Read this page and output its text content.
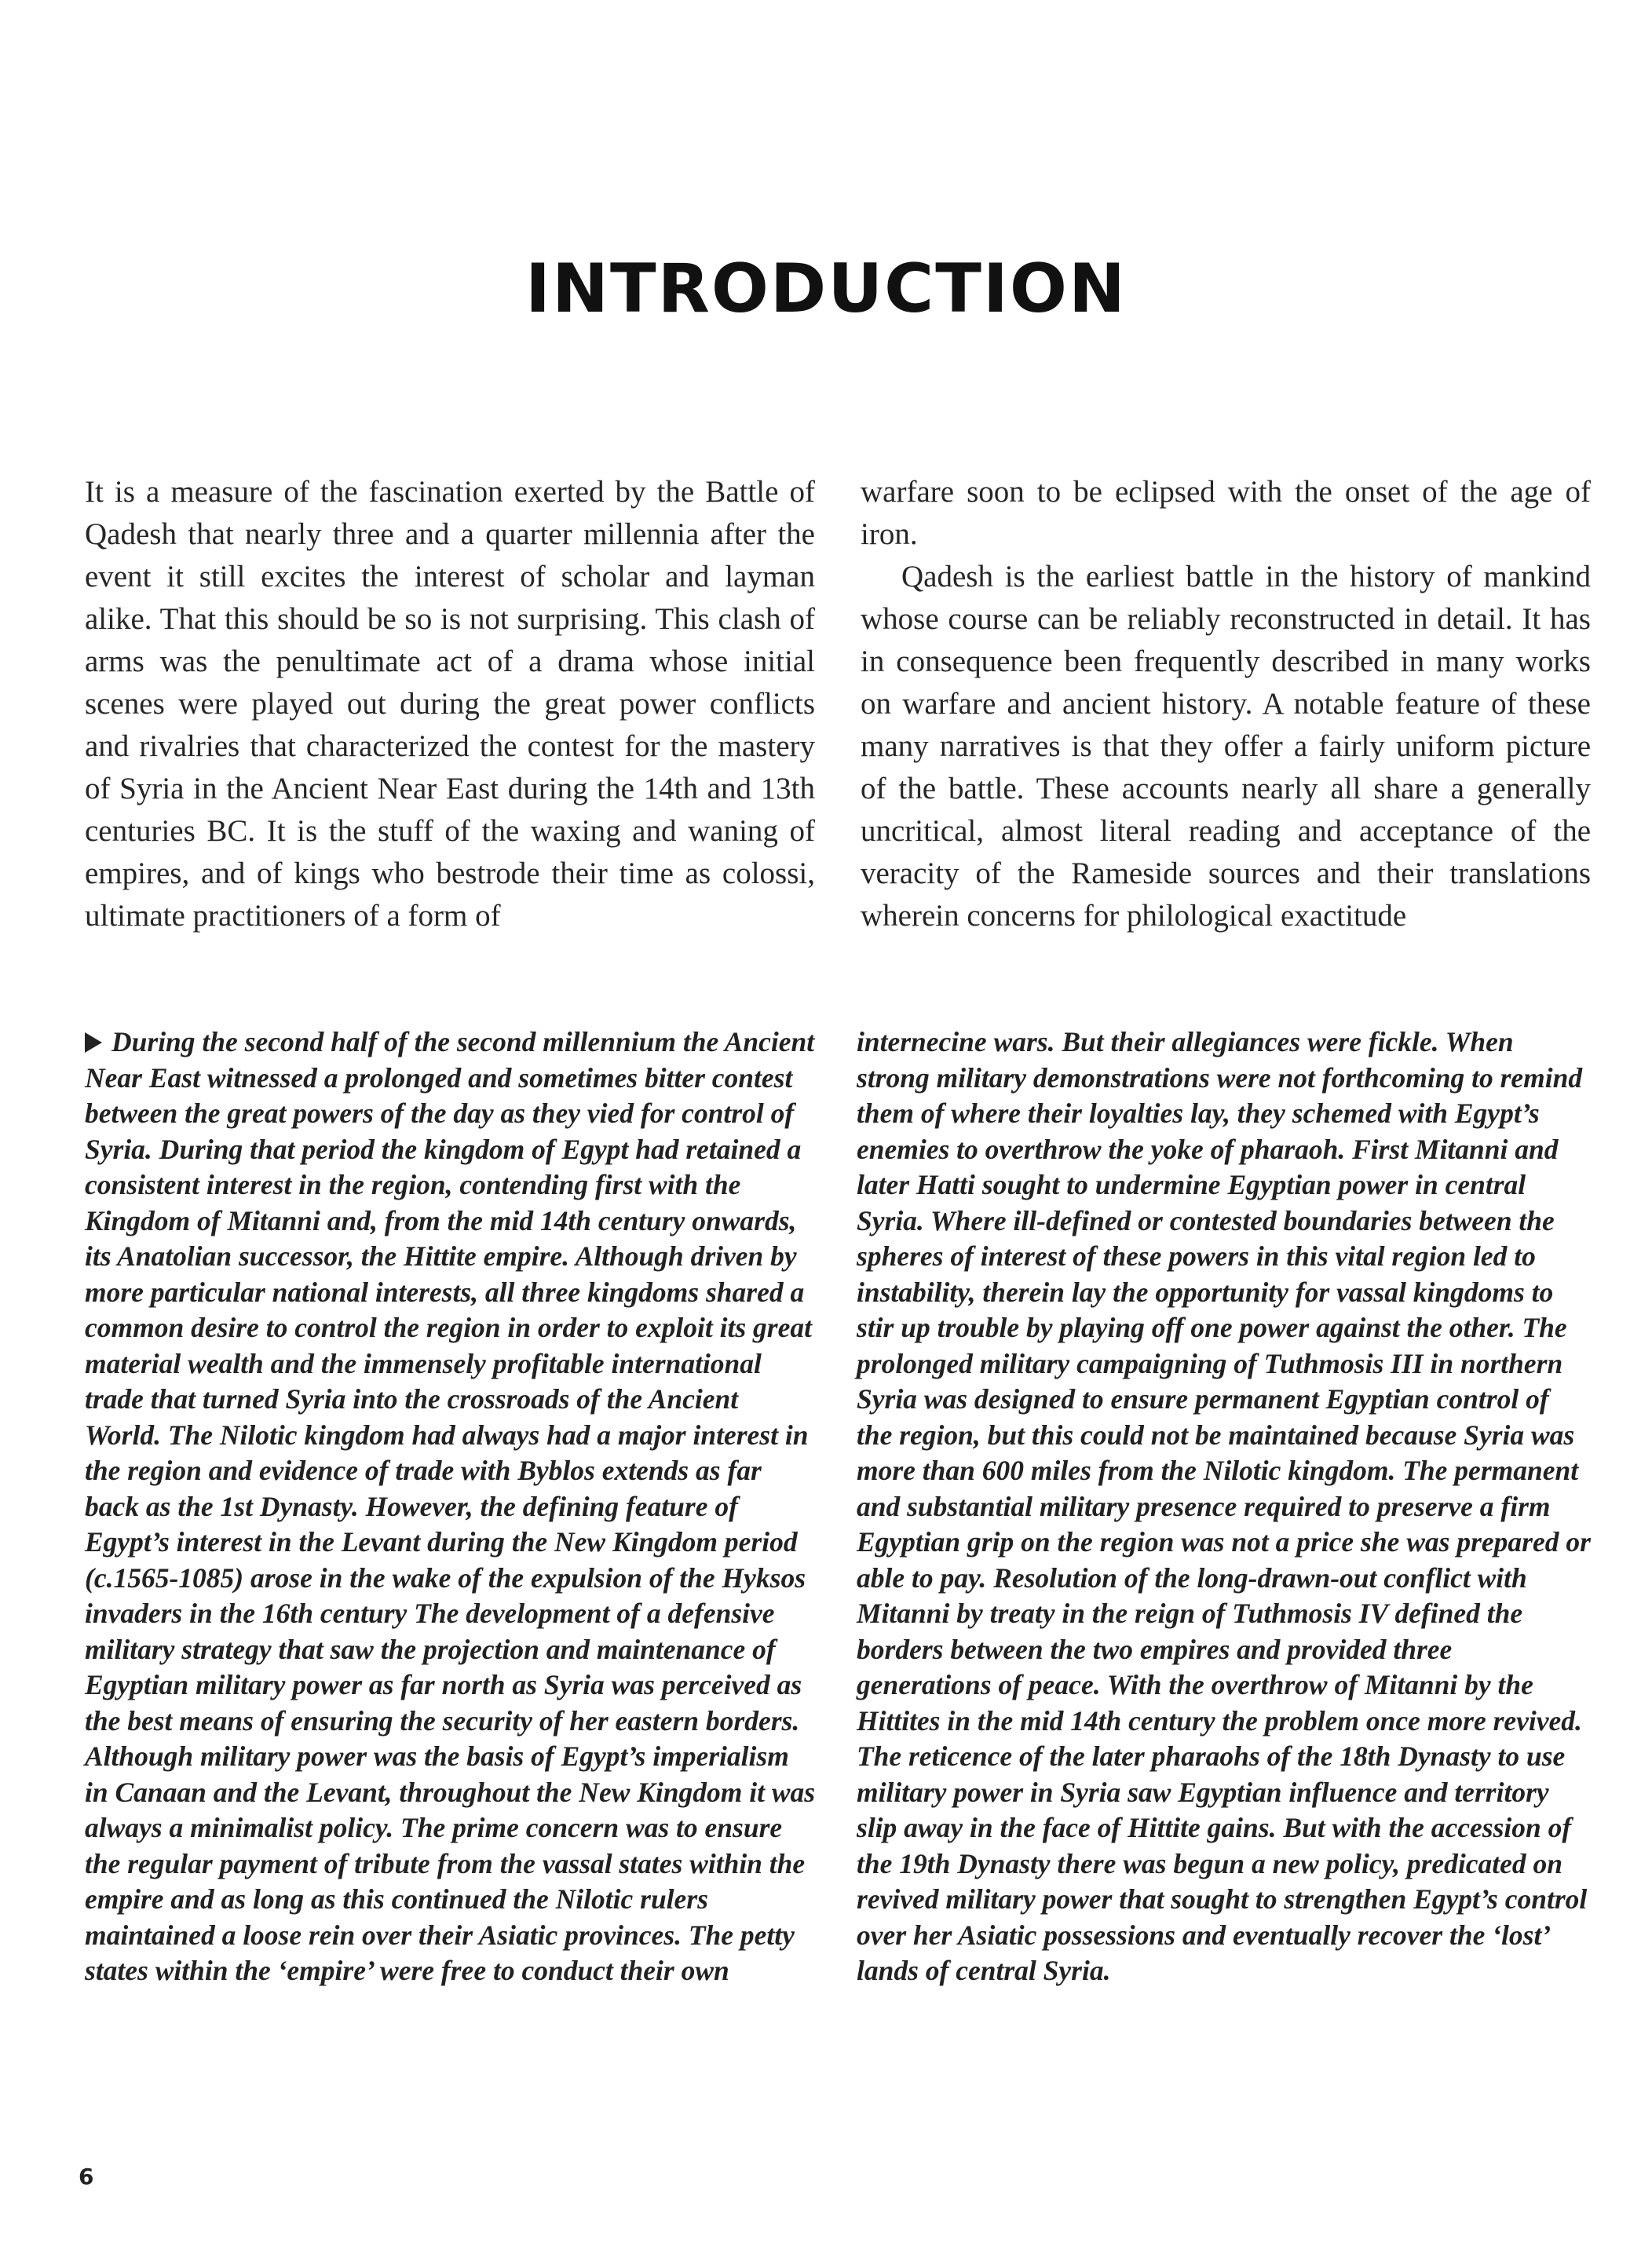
INTRODUCTION

It is a measure of the fascination exerted by the Battle of Qadesh that nearly three and a quarter millennia after the event it still excites the interest of scholar and layman alike. That this should be so is not surprising. This clash of arms was the penultimate act of a drama whose initial scenes were played out during the great power conflicts and rivalries that characterized the contest for the mastery of Syria in the Ancient Near East during the 14th and 13th centuries BC. It is the stuff of the waxing and waning of empires, and of kings who bestrode their time as colossi, ultimate practitioners of a form of

warfare soon to be eclipsed with the onset of the age of iron.

Qadesh is the earliest battle in the history of mankind whose course can be reliably reconstructed in detail. It has in consequence been frequently described in many works on warfare and ancient history. A notable feature of these many narratives is that they offer a fairly uniform picture of the battle. These accounts nearly all share a generally uncritical, almost literal reading and acceptance of the veracity of the Rameside sources and their translations wherein concerns for philological exactitude

During the second half of the second millennium the Ancient Near East witnessed a prolonged and sometimes bitter contest between the great powers of the day as they vied for control of Syria. During that period the kingdom of Egypt had retained a consistent interest in the region, contending first with the Kingdom of Mitanni and, from the mid 14th century onwards, its Anatolian successor, the Hittite empire. Although driven by more particular national interests, all three kingdoms shared a common desire to control the region in order to exploit its great material wealth and the immensely profitable international trade that turned Syria into the crossroads of the Ancient World. The Nilotic kingdom had always had a major interest in the region and evidence of trade with Byblos extends as far back as the 1st Dynasty. However, the defining feature of Egypt’s interest in the Levant during the New Kingdom period (c.1565-1085) arose in the wake of the expulsion of the Hyksos invaders in the 16th century The development of a defensive military strategy that saw the projection and maintenance of Egyptian military power as far north as Syria was perceived as the best means of ensuring the security of her eastern borders. Although military power was the basis of Egypt’s imperialism in Canaan and the Levant, throughout the New Kingdom it was always a minimalist policy. The prime concern was to ensure the regular payment of tribute from the vassal states within the empire and as long as this continued the Nilotic rulers maintained a loose rein over their Asiatic provinces. The petty states within the ‘empire’ were free to conduct their own

internecine wars. But their allegiances were fickle. When strong military demonstrations were not forthcoming to remind them of where their loyalties lay, they schemed with Egypt’s enemies to overthrow the yoke of pharaoh. First Mitanni and later Hatti sought to undermine Egyptian power in central Syria. Where ill-defined or contested boundaries between the spheres of interest of these powers in this vital region led to instability, therein lay the opportunity for vassal kingdoms to stir up trouble by playing off one power against the other. The prolonged military campaigning of Tuthmosis III in northern Syria was designed to ensure permanent Egyptian control of the region, but this could not be maintained because Syria was more than 600 miles from the Nilotic kingdom. The permanent and substantial military presence required to preserve a firm Egyptian grip on the region was not a price she was prepared or able to pay. Resolution of the long-drawn-out conflict with Mitanni by treaty in the reign of Tuthmosis IV defined the borders between the two empires and provided three generations of peace. With the overthrow of Mitanni by the Hittites in the mid 14th century the problem once more revived. The reticence of the later pharaohs of the 18th Dynasty to use military power in Syria saw Egyptian influence and territory slip away in the face of Hittite gains. But with the accession of the 19th Dynasty there was begun a new policy, predicated on revived military power that sought to strengthen Egypt’s control over her Asiatic possessions and eventually recover the ‘lost’ lands of central Syria.

6
